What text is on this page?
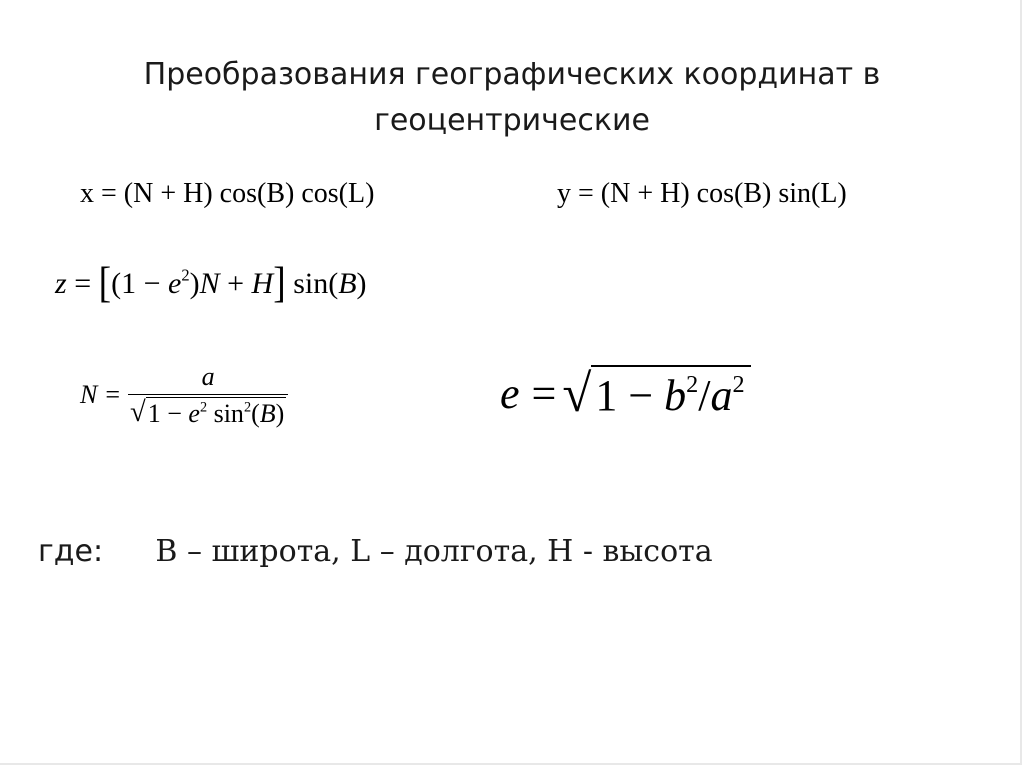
Преобразования географических координат в
геоцентрические
x = (N + H) cos(B) cos(L)	y = (N + H) cos(B) sin(L)
$z = [(1 - e^2)N + H]$ sin(B)
$N = \frac{a}{√ 1 - e^2 \sin^2(B)}$	e = √ $1 - b^2/a^2$
где: B – широта, L – долгота, H - высота
